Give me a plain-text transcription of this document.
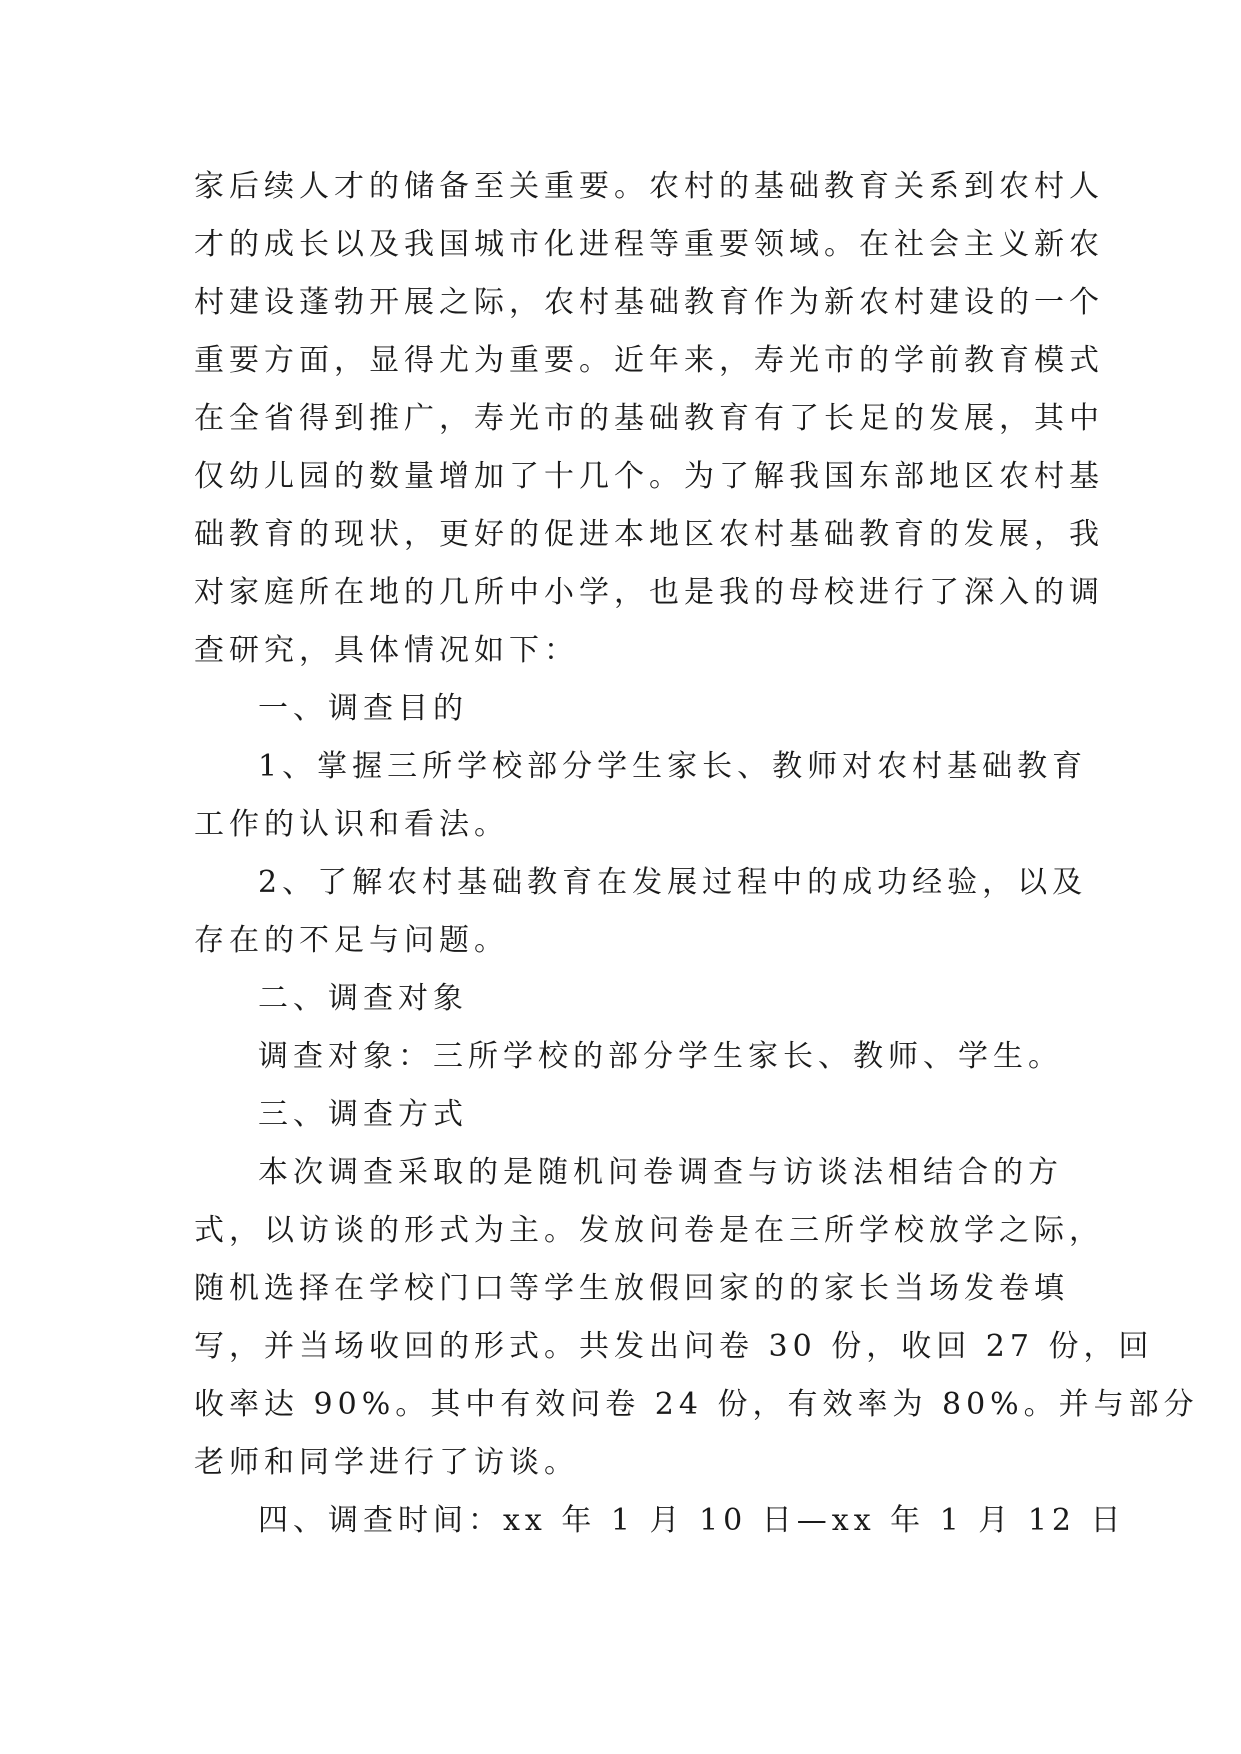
家后续人才的储备至关重要。农村的基础教育关系到农村人
才的成长以及我国城市化进程等重要领域。在社会主义新农
村建设蓬勃开展之际，农村基础教育作为新农村建设的一个
重要方面，显得尤为重要。近年来，寿光市的学前教育模式
在全省得到推广，寿光市的基础教育有了长足的发展，其中
仅幼儿园的数量增加了十几个。为了解我国东部地区农村基
础教育的现状，更好的促进本地区农村基础教育的发展，我
对家庭所在地的几所中小学，也是我的母校进行了深入的调
查研究，具体情况如下：
一、调查目的
1、掌握三所学校部分学生家长、教师对农村基础教育
工作的认识和看法。
2、了解农村基础教育在发展过程中的成功经验，以及
存在的不足与问题。
二、调查对象
调查对象：三所学校的部分学生家长、教师、学生。
三、调查方式
本次调查采取的是随机问卷调查与访谈法相结合的方
式，以访谈的形式为主。发放问卷是在三所学校放学之际，
随机选择在学校门口等学生放假回家的的家长当场发卷填
写，并当场收回的形式。共发出问卷 30 份，收回 27 份，回
收率达 90%。其中有效问卷 24 份，有效率为 80%。并与部分
老师和同学进行了访谈。
四、调查时间：xx 年 1 月 10 日—xx 年 1 月 12 日
